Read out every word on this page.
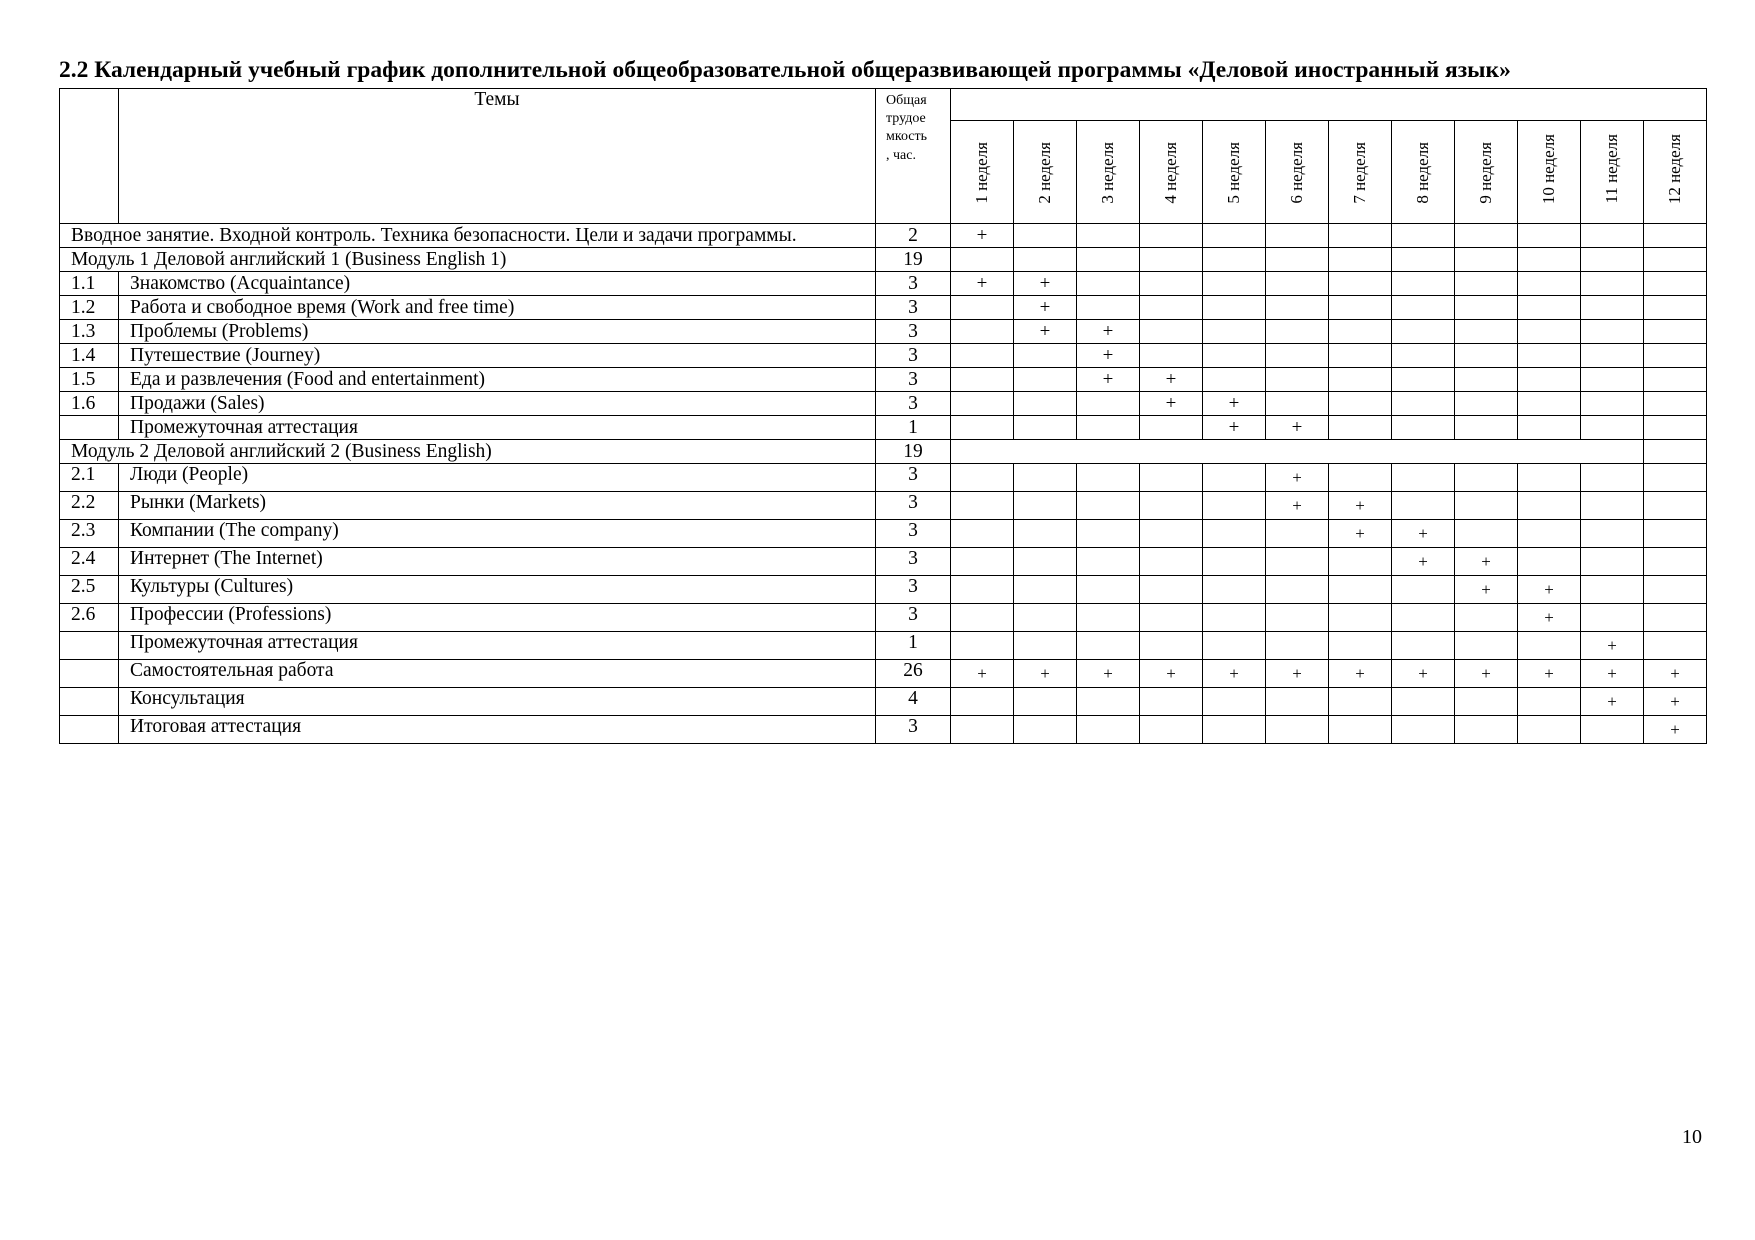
2.2 Календарный учебный график дополнительной общеобразовательной общеразвивающей программы «Деловой иностранный язык»
	Темы	Общая
трудое
мкость
, час.												

			1 неделя	2 неделя	3 неделя	4 неделя	5 неделя	6 неделя	7 неделя	8 неделя	9 неделя	10 неделя	11 неделя	12 неделя
Вводное занятие. Входной контроль. Техника безопасности. Цели и задачи программы.		2	+											
Модуль 1 Деловой английский 1 (Business English 1)		19												
1.1	Знакомство (Acquaintance)	3	+	+										
1.2	Работа и свободное время (Work and free time)	3		+										
1.3	Проблемы (Problems)	3		+	+									
1.4	Путешествие (Journey)	3			+									
1.5	Еда и развлечения (Food and entertainment)	3			+	+								
1.6	Продажи (Sales)	3				+	+							
	Промежуточная аттестация	1					+	+						
Модуль 2 Деловой английский 2 (Business English)		19												
2.1	Люди (People)	3						+						
2.2	Рынки (Markets)	3						+	+					
2.3	Компании (The company)	3							+	+				
2.4	Интернет (The Internet)	3								+	+			
2.5	Культуры (Cultures)	3									+	+		
2.6	Профессии (Professions)	3										+		
	Промежуточная аттестация	1											+	
	Самостоятельная работа	26	+	+	+	+	+	+	+	+	+	+	+	+
	Консультация	4											+	+
	Итоговая аттестация	3												+
10
